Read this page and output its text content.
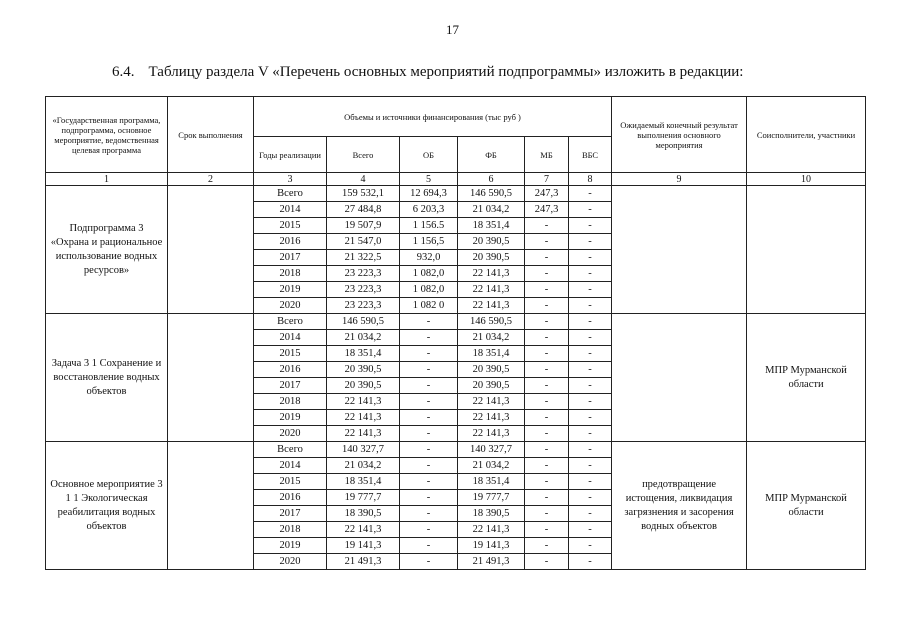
17
6.4. Таблицу раздела V «Перечень основных мероприятий подпрограммы» изложить в редакции:
«Государственная программа, подпрограмма, основное мероприятие, ведомственная целевая программа	Срок выполнения	Объемы и источники финансирования (тыс руб )						Ожидаемый конечный результат выполнения основного мероприятия	Соисполнители, участники
		Годы реализации	Всего	ОБ	ФБ	МБ	ВБС		
1	2	3	4	5	6	7	8	9	10
Подпрограмма 3 «Охрана и рациональное использование водных ресурсов»		Всего	159 532,1	12 694,3	146 590,5	247,3	-		
		2014	27 484,8	6 203,3	21 034,2	247,3	-		
		2015	19 507,9	1 156.5	18 351,4	-	-		
		2016	21 547,0	1 156,5	20 390,5	-	-		
		2017	21 322,5	932,0	20 390,5	-	-		
		2018	23 223,3	1 082,0	22 141,3	-	-		
		2019	23 223,3	1 082,0	22 141,3	-	-		
		2020	23 223,3	1 082 0	22 141,3	-	-		
Задача 3 1 Сохранение и восстановление водных объектов		Всего	146 590,5	-	146 590,5	-	-		МПР Мурманской области
		2014	21 034,2	-	21 034,2	-	-		
		2015	18 351,4	-	18 351,4	-	-		
		2016	20 390,5	-	20 390,5	-	-		
		2017	20 390,5	-	20 390,5	-	-		
		2018	22 141,3	-	22 141,3	-	-		
		2019	22 141,3	-	22 141,3	-	-		
		2020	22 141,3	-	22 141,3	-	-		
Основное мероприятие 3 1 1 Экологическая реабилитация водных объектов		Всего	140 327,7	-	140 327,7	-	-	предотвращение истощения, ликвидация загрязнения и засорения водных объектов	МПР Мурманской области
		2014	21 034,2	-	21 034,2	-	-		
		2015	18 351,4	-	18 351,4	-	-		
		2016	19 777,7	-	19 777,7	-	-		
		2017	18 390,5	-	18 390,5	-	-		
		2018	22 141,3	-	22 141,3	-	-		
		2019	19 141,3	-	19 141,3	-	-		
		2020	21 491,3	-	21 491,3	-	-		
